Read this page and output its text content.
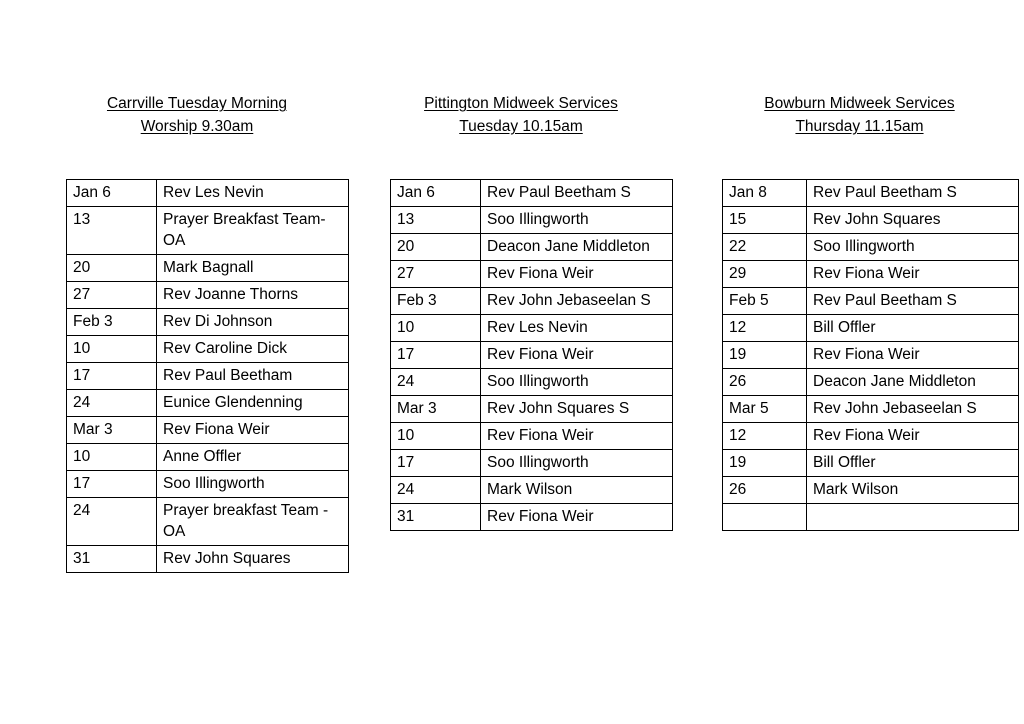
Carrville Tuesday Morning
Worship 9.30am
Jan 6	Rev Les Nevin
13	Prayer Breakfast Team- OA
20	Mark Bagnall
27	Rev Joanne Thorns
Feb 3	Rev Di Johnson
10	Rev Caroline Dick
17	Rev Paul Beetham
24	Eunice Glendenning
Mar 3	Rev Fiona Weir
10	Anne Offler
17	Soo Illingworth
24	Prayer breakfast Team - OA
31	Rev John Squares
Pittington Midweek Services
Tuesday 10.15am
Jan 6	Rev Paul Beetham S
13	Soo Illingworth
20	Deacon Jane Middleton
27	Rev Fiona Weir
Feb 3	Rev John Jebaseelan S
10	Rev Les Nevin
17	Rev Fiona Weir
24	Soo Illingworth
Mar 3	Rev John Squares S
10	Rev Fiona Weir
17	Soo Illingworth
24	Mark Wilson
31	Rev Fiona Weir
Bowburn Midweek Services
Thursday 11.15am
Jan 8	Rev Paul Beetham S
15	Rev John Squares
22	Soo Illingworth
29	Rev Fiona Weir
Feb 5	Rev Paul Beetham S
12	Bill Offler
19	Rev Fiona Weir
26	Deacon Jane Middleton
Mar 5	Rev John Jebaseelan S
12	Rev Fiona Weir
19	Bill Offler
26	Mark Wilson
